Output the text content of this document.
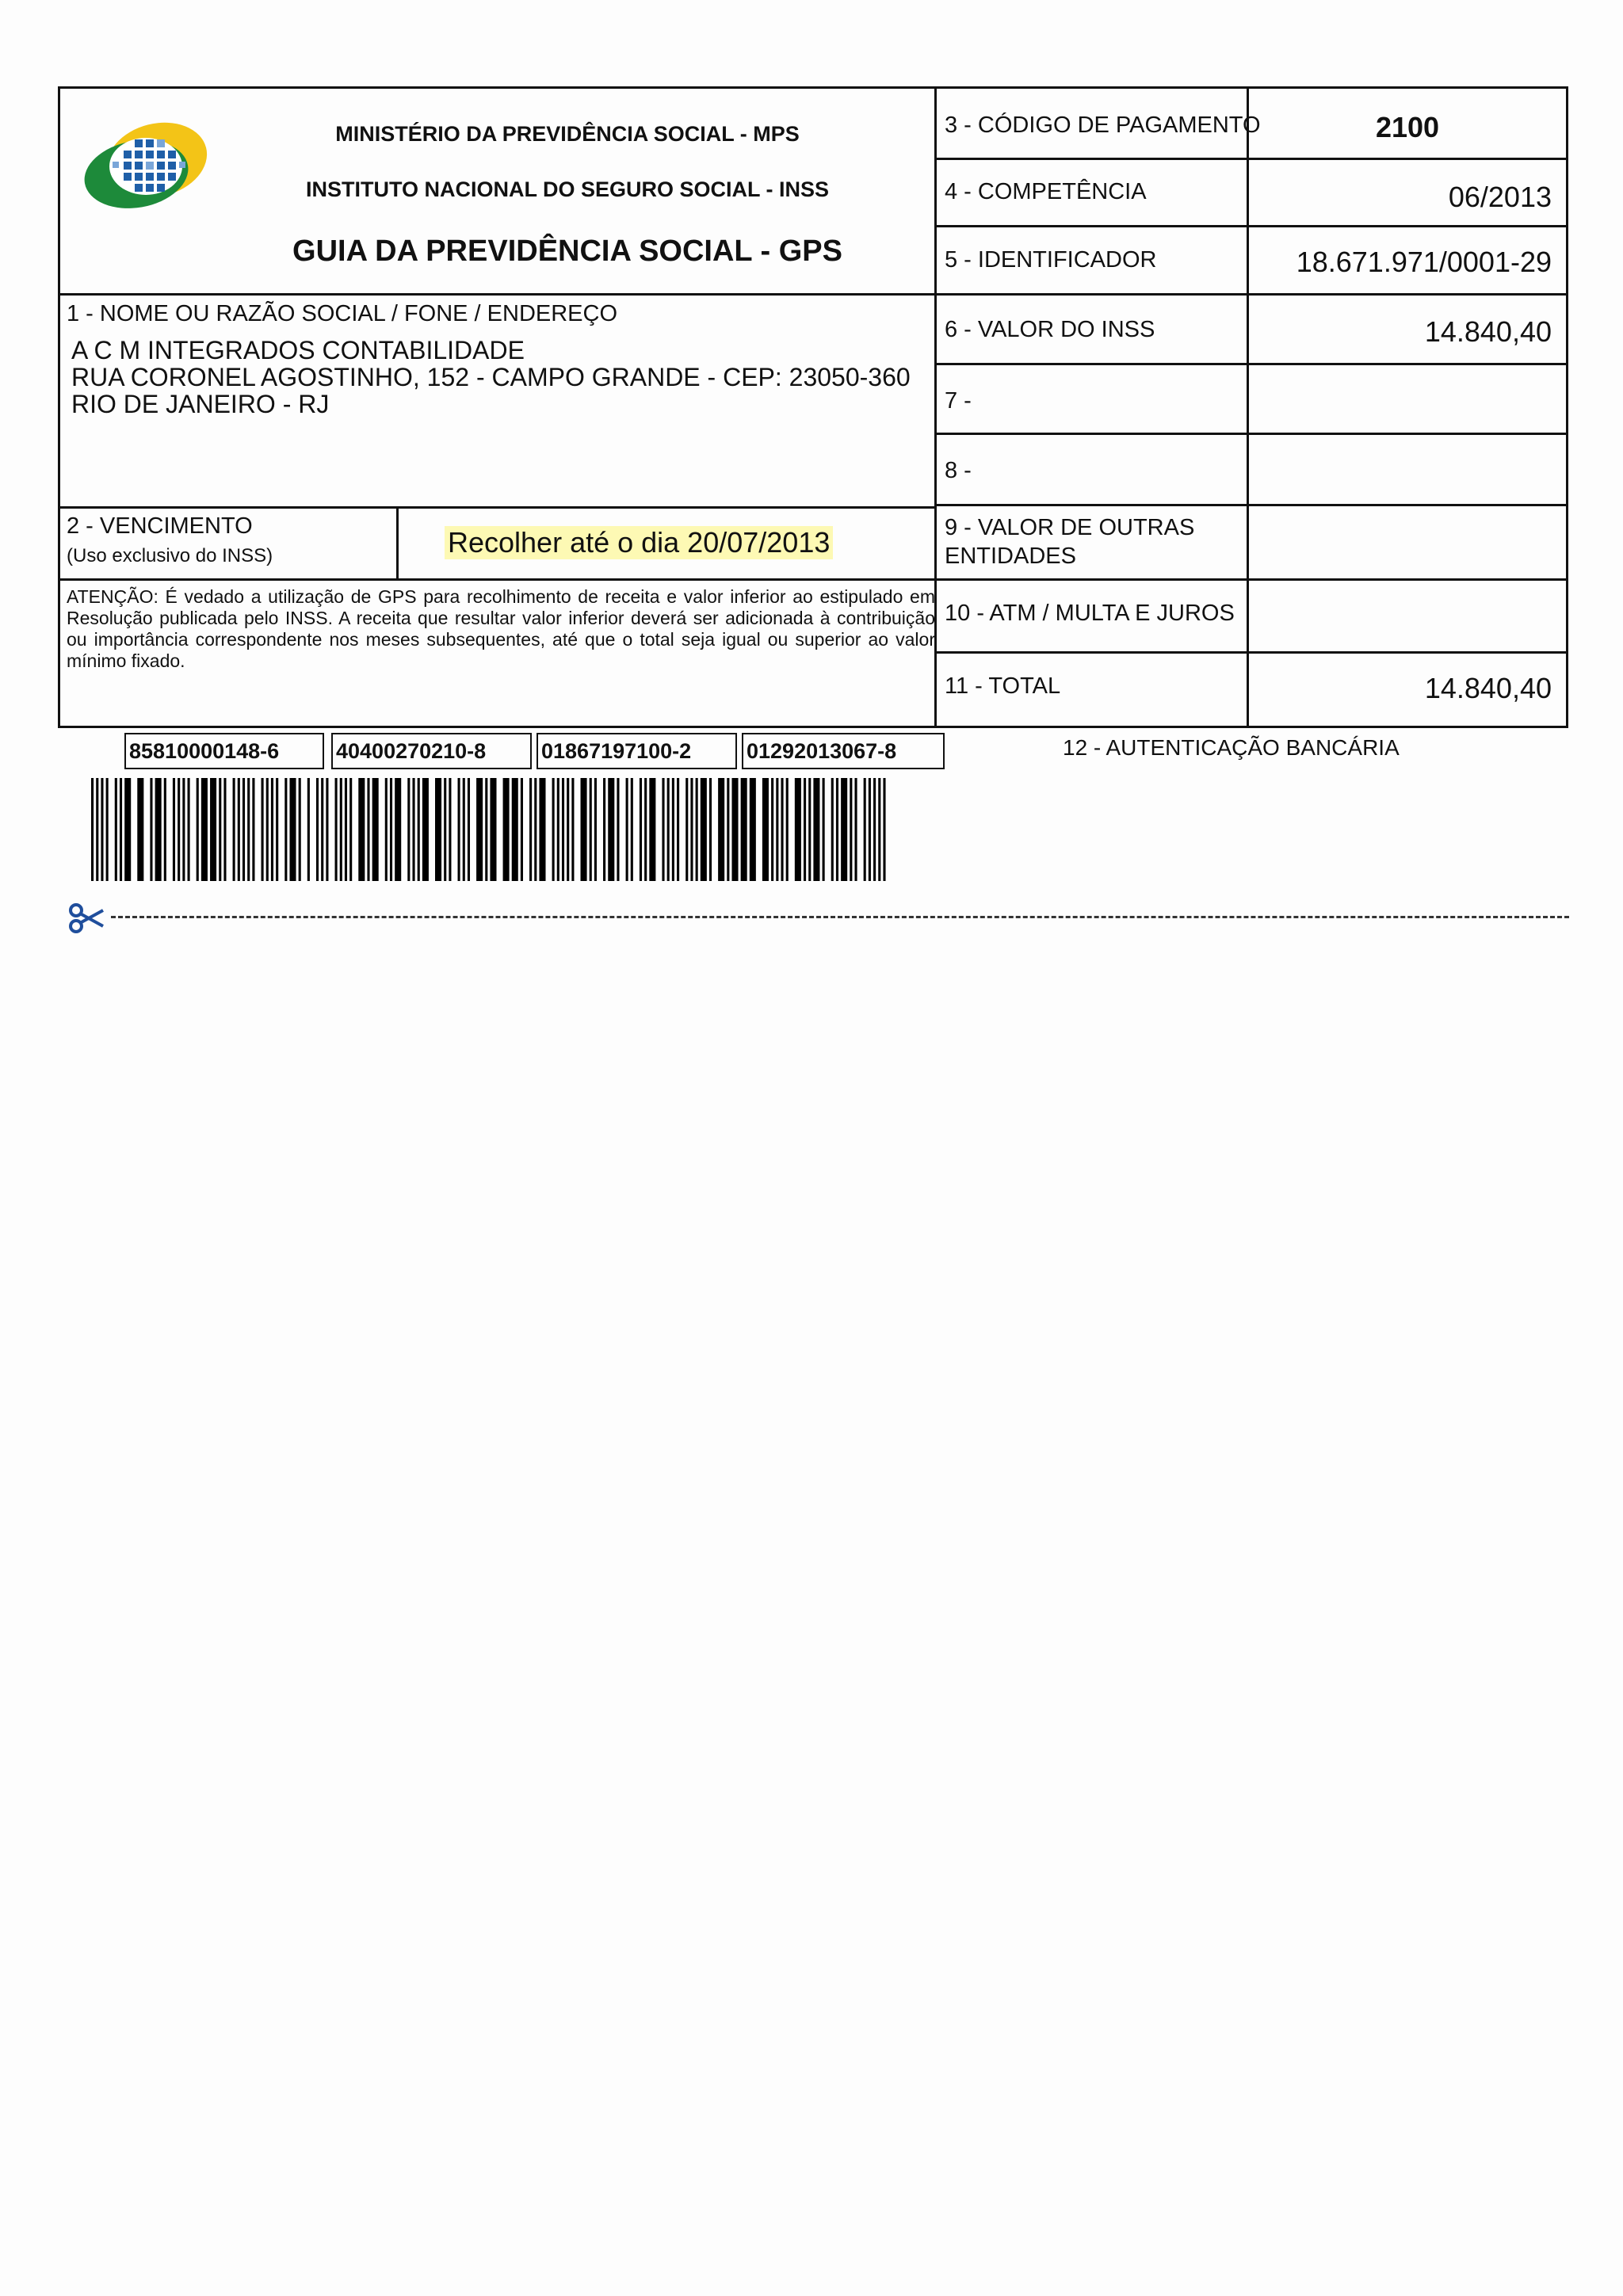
MINISTÉRIO DA PREVIDÊNCIA SOCIAL - MPS
INSTITUTO NACIONAL DO SEGURO SOCIAL - INSS
GUIA DA PREVIDÊNCIA SOCIAL - GPS
1 - NOME OU RAZÃO SOCIAL / FONE / ENDEREÇO
A C M INTEGRADOS CONTABILIDADE
RUA CORONEL AGOSTINHO, 152 - CAMPO GRANDE - CEP: 23050-360
RIO DE JANEIRO - RJ
2 - VENCIMENTO
(Uso exclusivo do INSS)	Recolher até o dia 20/07/2013
ATENÇÃO: É vedado a utilização de GPS para recolhimento de receita e valor inferior ao estipulado em Resolução publicada pelo INSS. A receita que resultar valor inferior deverá ser adicionada à contribuição ou importância correspondente nos meses subsequentes, até que o total seja igual ou superior ao valor mínimo fixado.
3 - CÓDIGO DE PAGAMENTO	2100
4 - COMPETÊNCIA	06/2013
5 - IDENTIFICADOR	18.671.971/0001-29
6 - VALOR DO INSS	14.840,40
7 -
8 -
9 - VALOR DE OUTRAS
ENTIDADES
10 - ATM / MULTA E JUROS
11 - TOTAL	14.840,40
85810000148-6	40400270210-8	01867197100-2	01292013067-8	12 - AUTENTICAÇÃO BANCÁRIA
